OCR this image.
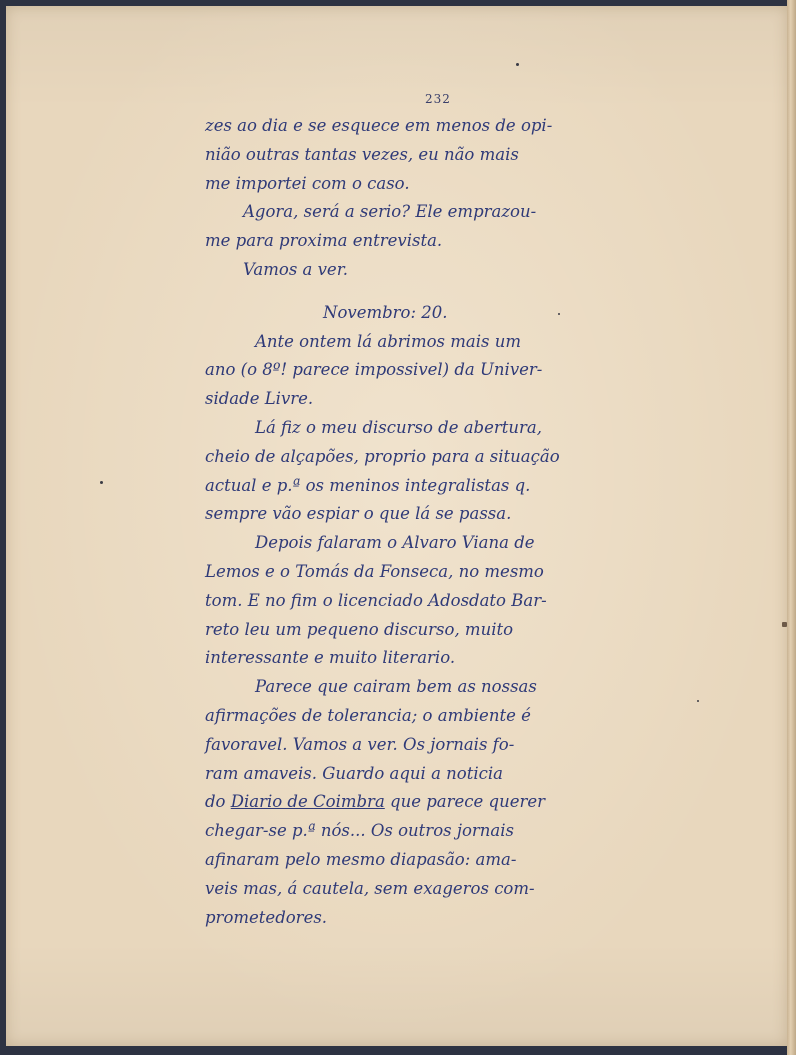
232
zes ao dia e se esquece em menos de opi-
nião outras tantas vezes, eu não mais
me importei com o caso.
Agora, será a serio? Ele emprazou-
me para proxima entrevista.
Vamos a ver.
Novembro: 20.
Ante ontem lá abrimos mais um
ano (o 8º! parece impossivel) da Univer-
sidade Livre.
Lá fiz o meu discurso de abertura,
cheio de alçapões, proprio para a situação
actual e p.ª os meninos integralistas q.
sempre vão espiar o que lá se passa.
Depois falaram o Alvaro Viana de
Lemos e o Tomás da Fonseca, no mesmo
tom. E no fim o licenciado Adosdato Bar-
reto leu um pequeno discurso, muito
interessante e muito literario.
Parece que cairam bem as nossas
afirmações de tolerancia; o ambiente é
favoravel. Vamos a ver. Os jornais fo-
ram amaveis. Guardo aqui a noticia
do Diario de Coimbra que parece querer
chegar-se p.ª nós... Os outros jornais
afinaram pelo mesmo diapasão: ama-
veis mas, á cautela, sem exageros com-
prometedores.
